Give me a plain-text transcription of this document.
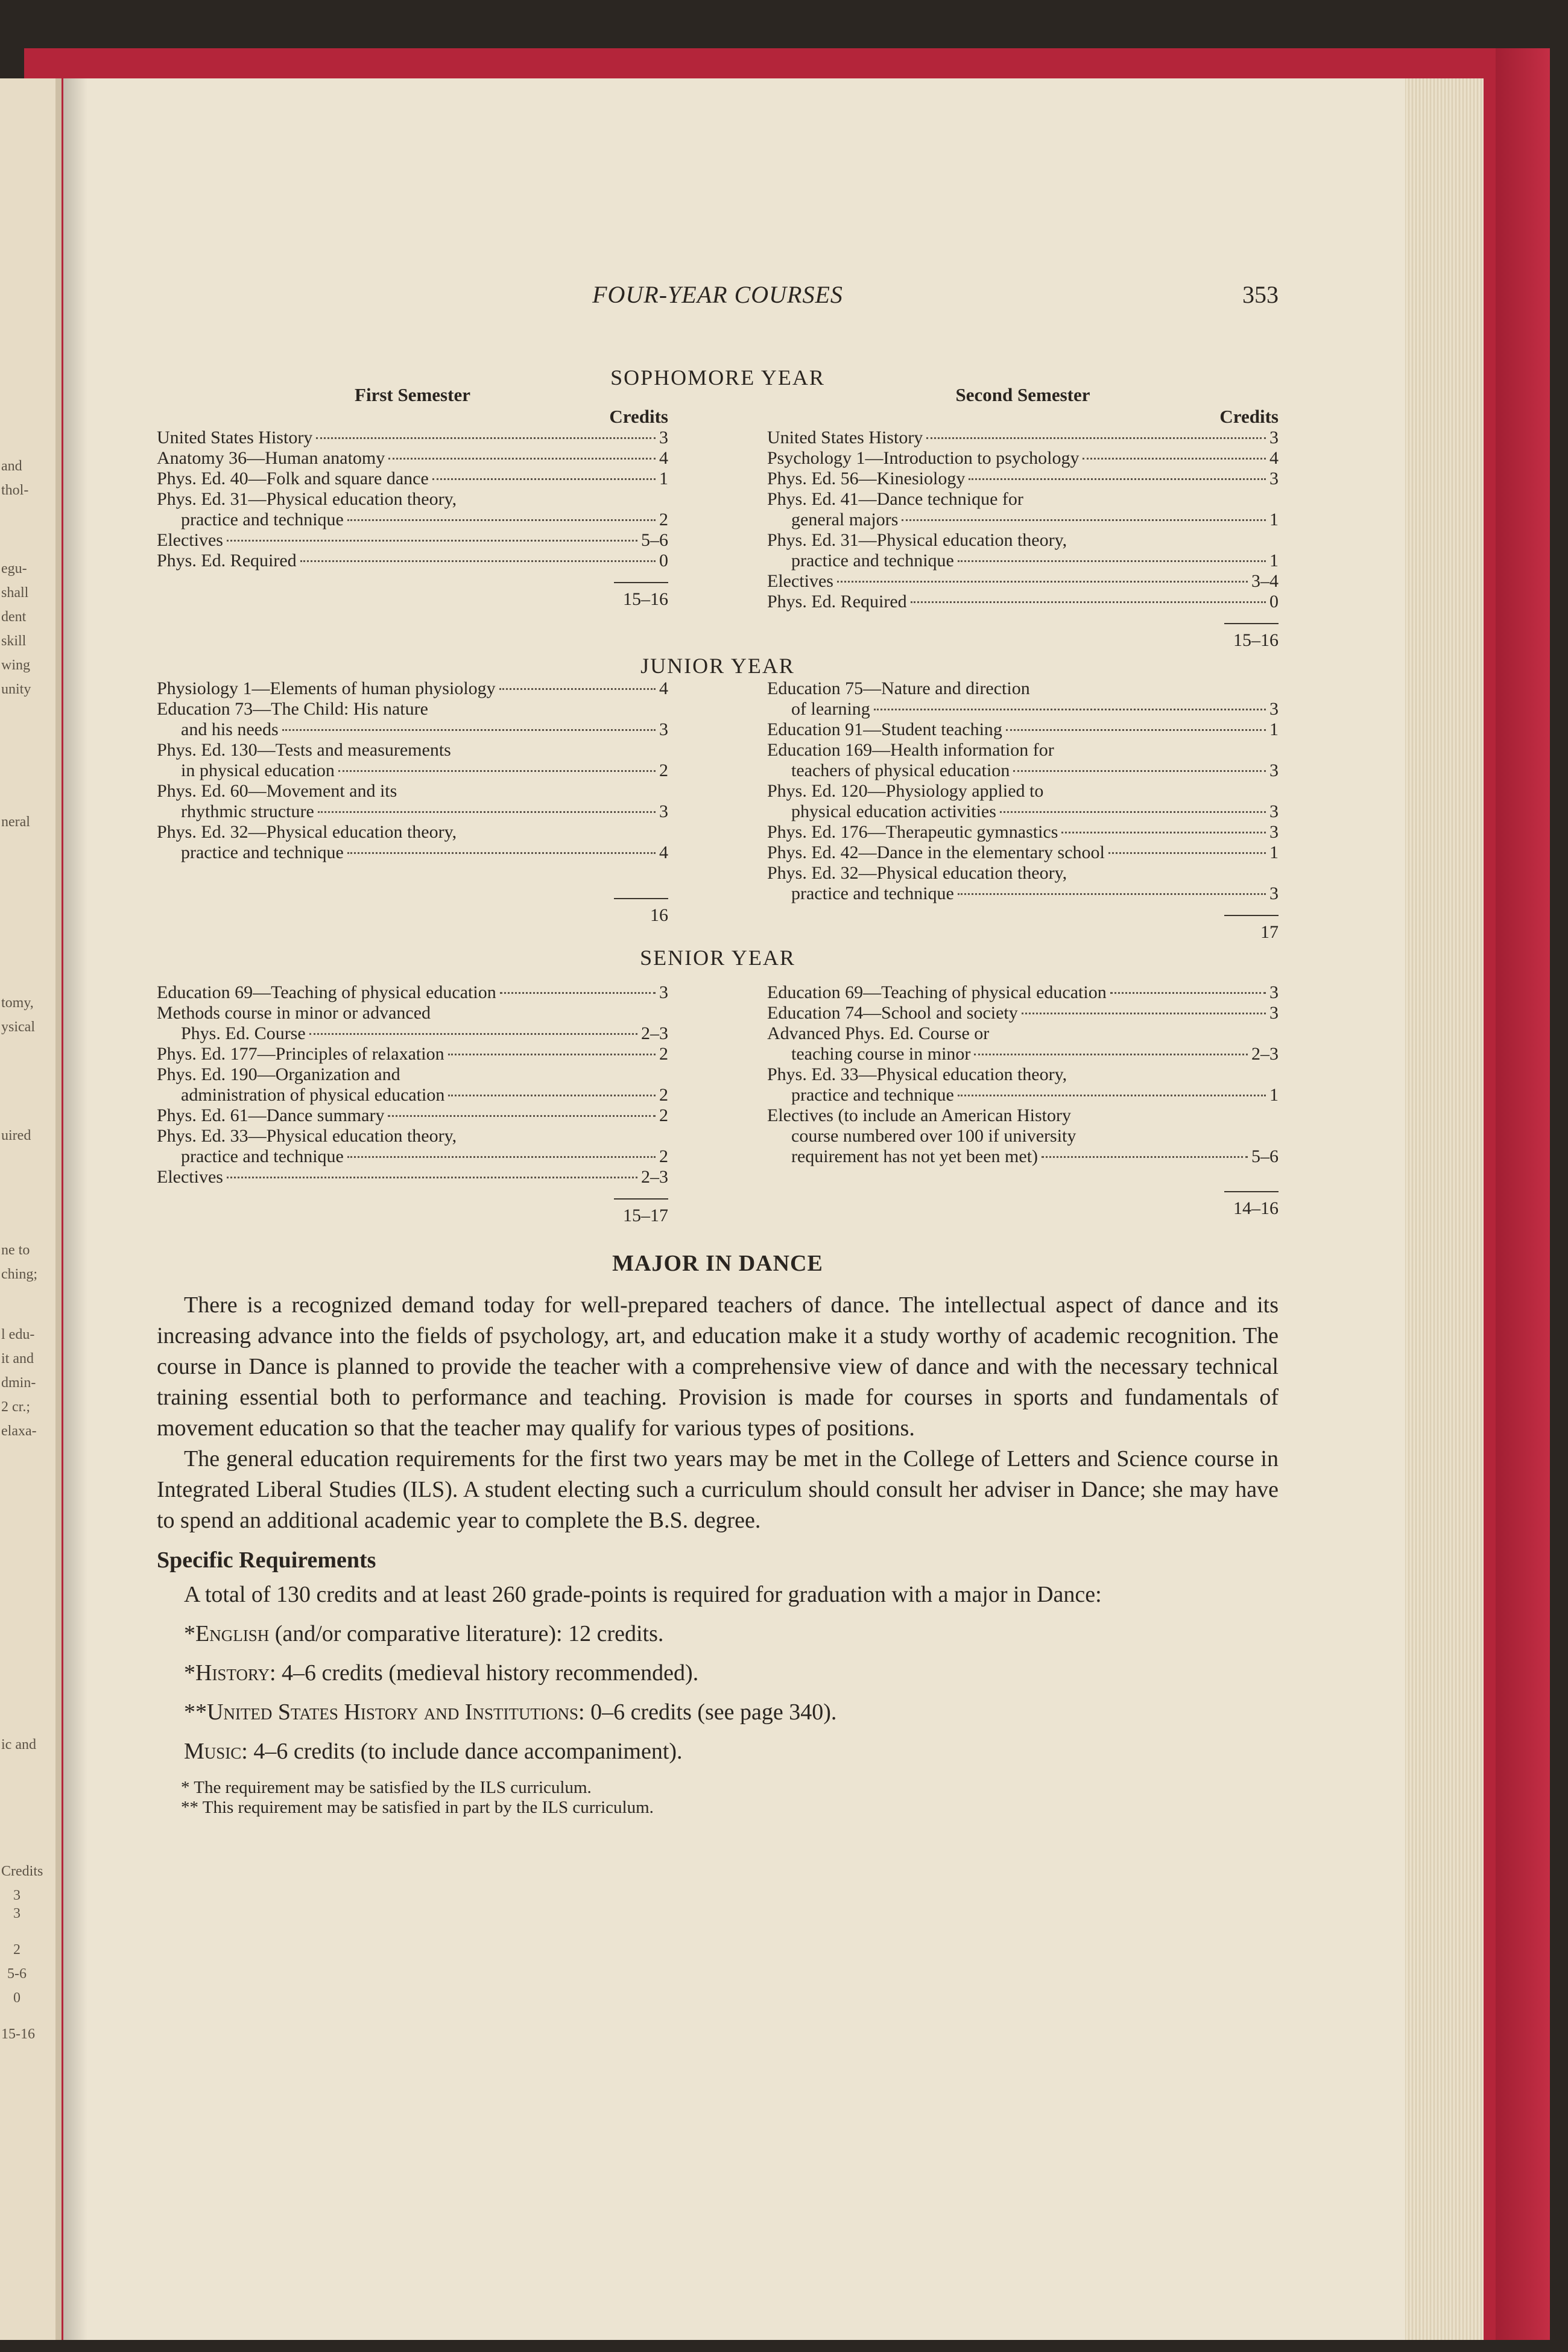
and
thol-
egu-
shall
dent
skill
wing
unity
neral
tomy,
ysical
uired
ne to
ching;
l edu-
it and
dmin-
2 cr.;
elaxa-
ic and
Credits
3
3
2
5-6
0
15-16
FOUR-YEAR COURSES	353
SOPHOMORE YEAR
First Semester
Credits
United States History	3
Anatomy 36—Human anatomy	4
Phys. Ed. 40—Folk and square dance	1
Phys. Ed. 31—Physical education theory,
practice and technique	2
Electives	5–6
Phys. Ed. Required	0
15–16
Second Semester
Credits
United States History	3
Psychology 1—Introduction to psychology	4
Phys. Ed. 56—Kinesiology	3
Phys. Ed. 41—Dance technique for
general majors	1
Phys. Ed. 31—Physical education theory,
practice and technique	1
Electives	3–4
Phys. Ed. Required	0
15–16
JUNIOR YEAR
Physiology 1—Elements of human physiology	4
Education 73—The Child: His nature
and his needs	3
Phys. Ed. 130—Tests and measurements
in physical education	2
Phys. Ed. 60—Movement and its
rhythmic structure	3
Phys. Ed. 32—Physical education theory,
practice and technique	4
16
Education 75—Nature and direction
of learning	3
Education 91—Student teaching	1
Education 169—Health information for
teachers of physical education	3
Phys. Ed. 120—Physiology applied to
physical education activities	3
Phys. Ed. 176—Therapeutic gymnastics	3
Phys. Ed. 42—Dance in the elementary school	1
Phys. Ed. 32—Physical education theory,
practice and technique	3
17
SENIOR YEAR
Education 69—Teaching of physical education	3
Methods course in minor or advanced
Phys. Ed. Course	2–3
Phys. Ed. 177—Principles of relaxation	2
Phys. Ed. 190—Organization and
administration of physical education	2
Phys. Ed. 61—Dance summary	2
Phys. Ed. 33—Physical education theory,
practice and technique	2
Electives	2–3
15–17
Education 69—Teaching of physical education	3
Education 74—School and society	3
Advanced Phys. Ed. Course or
teaching course in minor	2–3
Phys. Ed. 33—Physical education theory,
practice and technique	1
Electives (to include an American History
course numbered over 100 if university
requirement has not yet been met)	5–6
14–16
MAJOR IN DANCE

There is a recognized demand today for well-prepared teachers of dance. The intellectual aspect of dance and its increasing advance into the fields of psychology, art, and education make it a study worthy of academic recognition. The course in Dance is planned to provide the teacher with a comprehensive view of dance and with the necessary technical training essential both to performance and teaching. Provision is made for courses in sports and fundamentals of movement education so that the teacher may qualify for various types of positions.

The general education requirements for the first two years may be met in the College of Letters and Science course in Integrated Liberal Studies (ILS). A student electing such a curriculum should consult her adviser in Dance; she may have to spend an additional academic year to complete the B.S. degree.

Specific Requirements

A total of 130 credits and at least 260 grade-points is required for graduation with a major in Dance:

*English (and/or comparative literature): 12 credits.

*History: 4–6 credits (medieval history recommended).

**United States History and Institutions: 0–6 credits (see page 340).

Music: 4–6 credits (to include dance accompaniment).

* The requirement may be satisfied by the ILS curriculum.
** This requirement may be satisfied in part by the ILS curriculum.
